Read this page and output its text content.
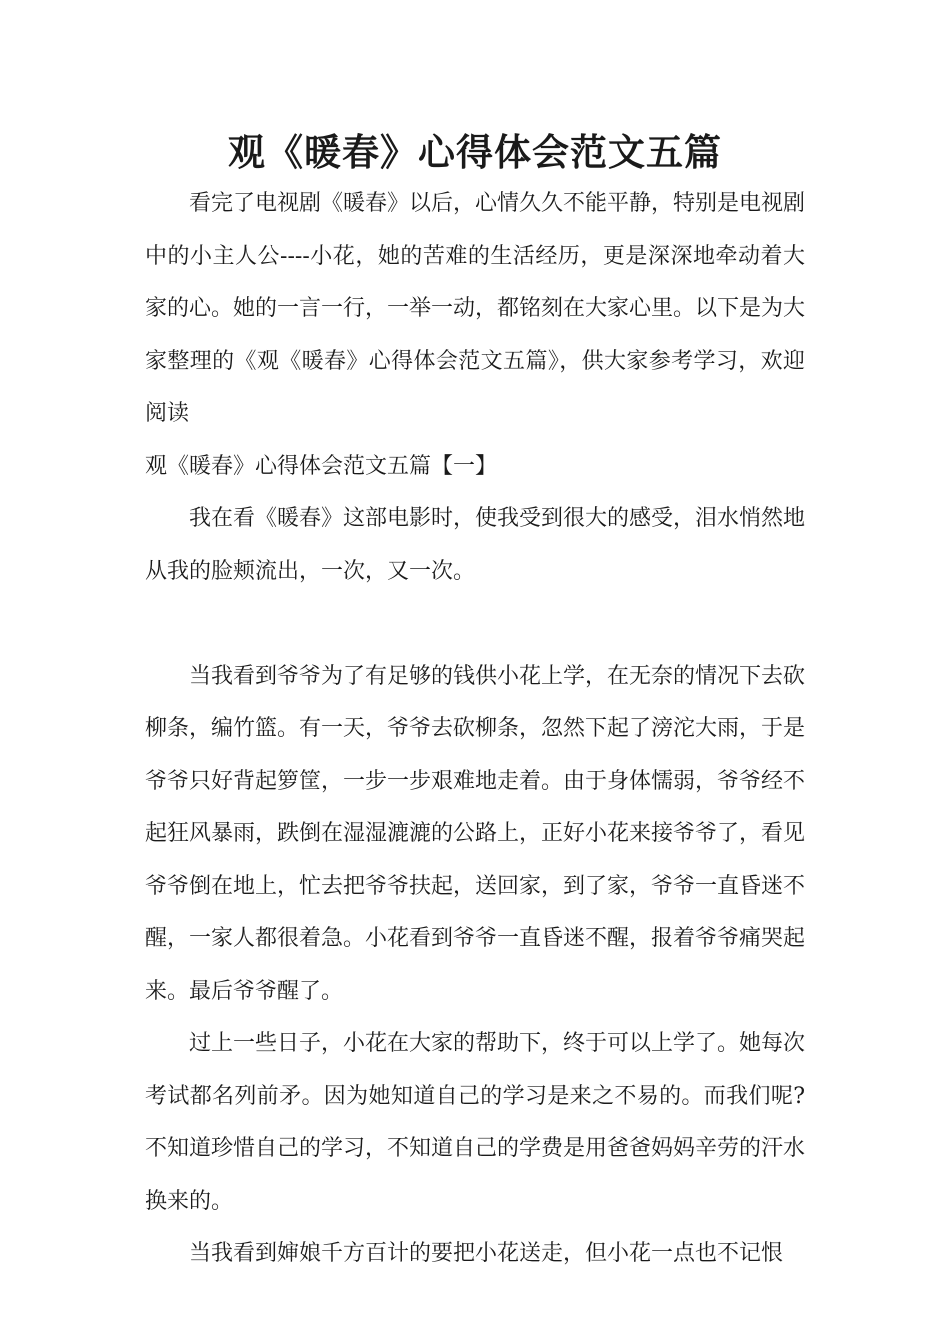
观《暖春》心得体会范文五篇

看完了电视剧《暖春》以后，心情久久不能平静，特别是电视剧中的小主人公----小花，她的苦难的生活经历，更是深深地牵动着大家的心。她的一言一行，一举一动，都铭刻在大家心里。以下是为大家整理的《观《暖春》心得体会范文五篇》，供大家参考学习，欢迎阅读

观《暖春》心得体会范文五篇【一】

我在看《暖春》这部电影时，使我受到很大的感受，泪水悄然地从我的脸颊流出，一次，又一次。

当我看到爷爷为了有足够的钱供小花上学，在无奈的情况下去砍柳条，编竹篮。有一天，爷爷去砍柳条，忽然下起了滂沱大雨，于是爷爷只好背起箩筐，一步一步艰难地走着。由于身体懦弱，爷爷经不起狂风暴雨，跌倒在湿湿漉漉的公路上，正好小花来接爷爷了，看见爷爷倒在地上，忙去把爷爷扶起，送回家，到了家，爷爷一直昏迷不醒，一家人都很着急。小花看到爷爷一直昏迷不醒，报着爷爷痛哭起来。最后爷爷醒了。

过上一些日子，小花在大家的帮助下，终于可以上学了。她每次考试都名列前矛。因为她知道自己的学习是来之不易的。而我们呢?不知道珍惜自己的学习，不知道自己的学费是用爸爸妈妈辛劳的汗水换来的。

当我看到婶娘千方百计的要把小花送走，但小花一点也不记恨
